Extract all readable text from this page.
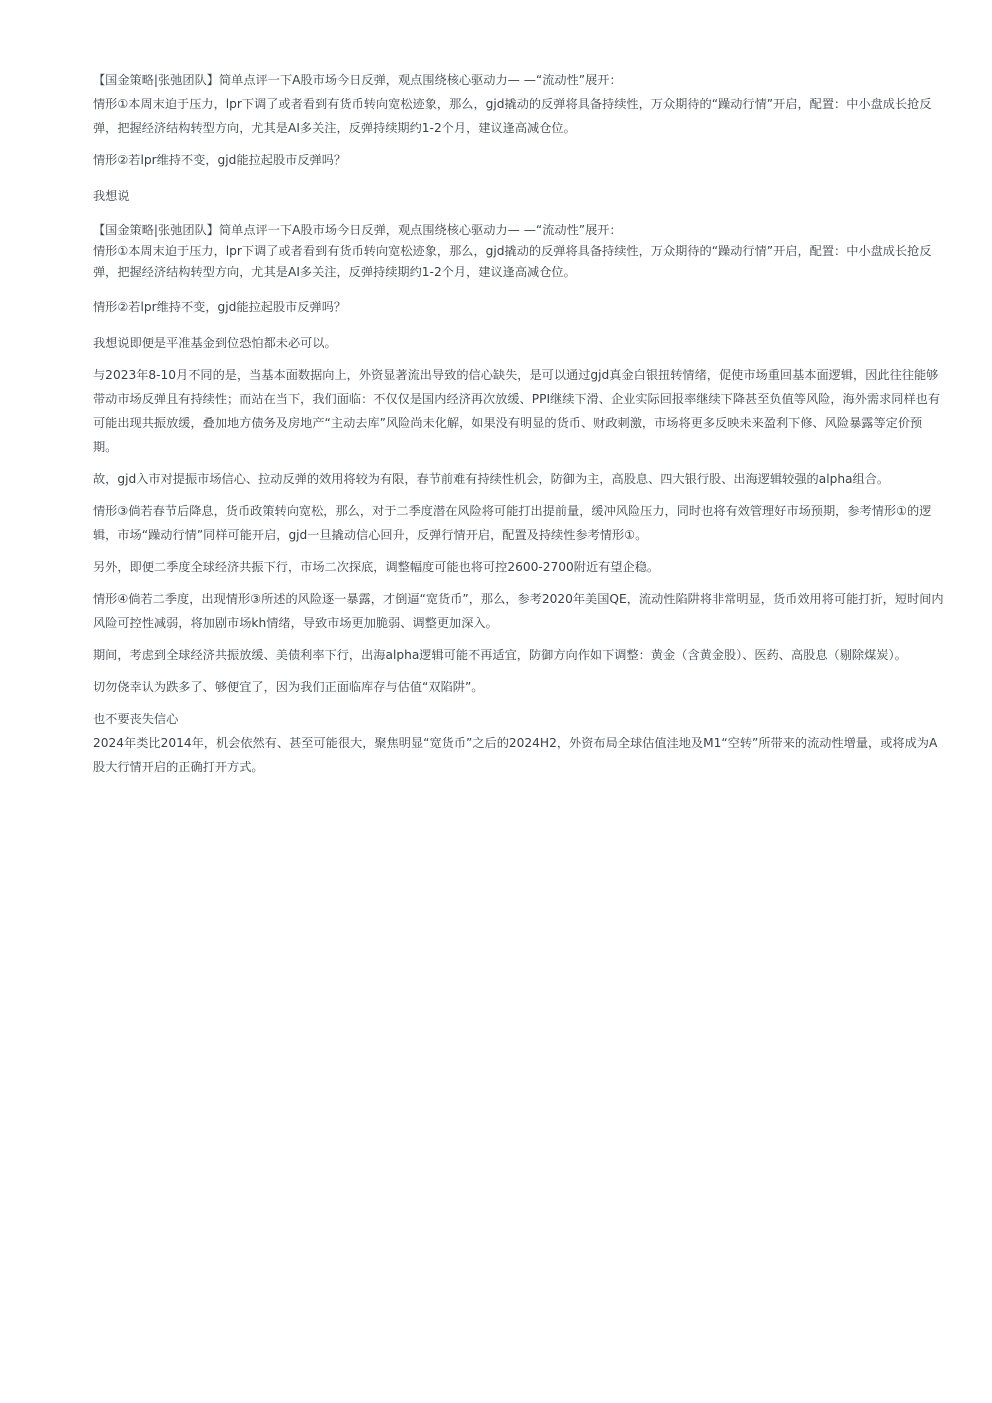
【国金策略|张弛团队】简单点评一下A股市场今日反弹，观点围绕核心驱动力— —“流动性”展开：

情形①本周末迫于压力，lpr下调了或者看到有货币转向宽松迹象，那么，gjd撬动的反弹将具备持续性，万众期待的“躁动行情”开启，配置：中小盘成长抢反弹，把握经济结构转型方向，尤其是AI多关注，反弹持续期约1-2个月，建议逢高减仓位。

情形②若lpr维持不变，gjd能拉起股市反弹吗？

我想说

【国金策略|张弛团队】简单点评一下A股市场今日反弹，观点围绕核心驱动力— —“流动性”展开：

情形①本周末迫于压力，lpr下调了或者看到有货币转向宽松迹象，那么，gjd撬动的反弹将具备持续性，万众期待的“躁动行情”开启，配置：中小盘成长抢反弹，把握经济结构转型方向，尤其是AI多关注，反弹持续期约1-2个月，建议逢高减仓位。

情形②若lpr维持不变，gjd能拉起股市反弹吗？

我想说即便是平准基金到位恐怕都未必可以。

与2023年8-10月不同的是，当基本面数据向上，外资显著流出导致的信心缺失，是可以通过gjd真金白银扭转情绪，促使市场重回基本面逻辑，因此往往能够带动市场反弹且有持续性；而站在当下，我们面临：不仅仅是国内经济再次放缓、PPI继续下滑、企业实际回报率继续下降甚至负值等风险，海外需求同样也有可能出现共振放缓，叠加地方债务及房地产“主动去库”风险尚未化解，如果没有明显的货币、财政刺激，市场将更多反映未来盈利下修、风险暴露等定价预期。

故，gjd入市对提振市场信心、拉动反弹的效用将较为有限，春节前难有持续性机会，防御为主，高股息、四大银行股、出海逻辑较强的alpha组合。

情形③倘若春节后降息，货币政策转向宽松，那么，对于二季度潜在风险将可能打出提前量，缓冲风险压力，同时也将有效管理好市场预期，参考情形①的逻辑，市场“躁动行情”同样可能开启，gjd一旦撬动信心回升，反弹行情开启，配置及持续性参考情形①。

另外，即便二季度全球经济共振下行，市场二次探底，调整幅度可能也将可控2600-2700附近有望企稳。

情形④倘若二季度，出现情形③所述的风险逐一暴露，才倒逼“宽货币”，那么，参考2020年美国QE，流动性陷阱将非常明显，货币效用将可能打折，短时间内风险可控性减弱，将加剧市场kh情绪，导致市场更加脆弱、调整更加深入。

期间，考虑到全球经济共振放缓、美债利率下行，出海alpha逻辑可能不再适宜，防御方向作如下调整：黄金（含黄金股）、医药、高股息（剔除煤炭）。

切勿侥幸认为跌多了、够便宜了，因为我们正面临库存与估值“双陷阱”。

也不要丧失信心

2024年类比2014年，机会依然有、甚至可能很大，聚焦明显“宽货币”之后的2024H2，外资布局全球估值洼地及M1“空转”所带来的流动性增量，或将成为A股大行情开启的正确打开方式。
